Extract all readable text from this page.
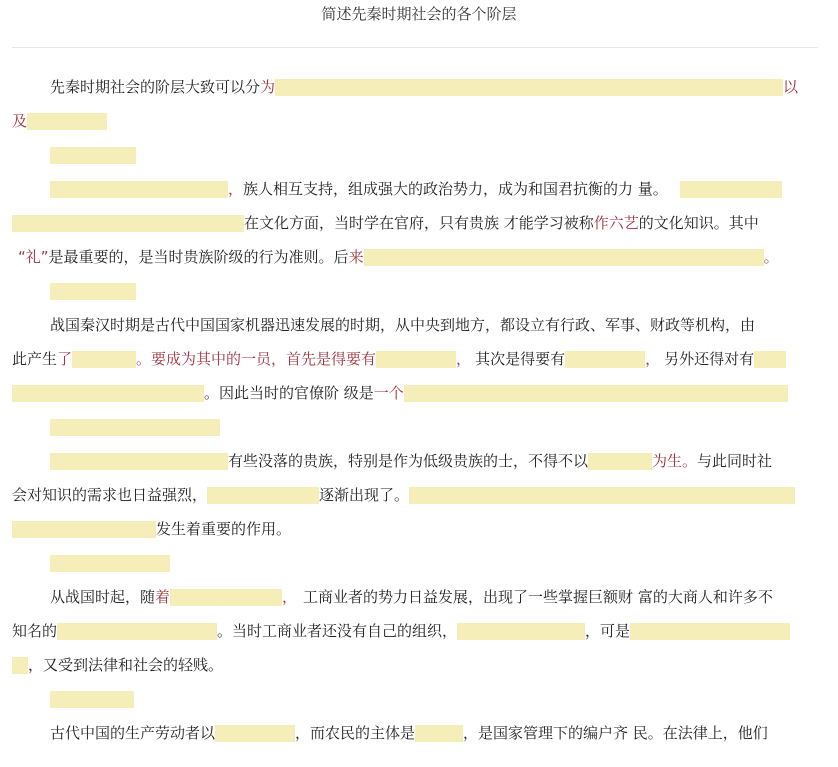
简述先秦时期社会的各个阶层
先秦时期社会的阶层大致可以分 为	以
及
， 族人相互支持，组成强大的政治势力，成为和国君抗衡的力 量。
在文化方面，当时学在官府，只有贵族 才能学习被称 作六艺 的文化知识。其中
“礼” 是最重要的，是当时贵族阶级的行为准则。后 来	。
战国秦汉时期是古代中国国家机器迅速发展的时期，从中央到地方，都设立有行政、军事、财政等机构，由
此产生 了	。要成为其中的一员，首先是得要有	， 其次是得要有	， 另外还得对有
。因此当时的官僚阶 级是 一个
有些没落的贵族，特别是作为低级贵族的士，不得不以	为生。 与此同时社
会对知识的需求也日益强烈，	逐渐出现了。
发生着重要的作用。
从战国时起，随 着	， 工商业者的势力日益发展，出现了一些掌握巨额财 富的大商人和许多不
知名的	。当时工商业者还没有自己的组织，	，可是
，又受到法律和社会的轻贱。
古代中国的生产劳动者以	，而农民的主体是	，是国家管理下的编户齐 民。在法律上，他们
